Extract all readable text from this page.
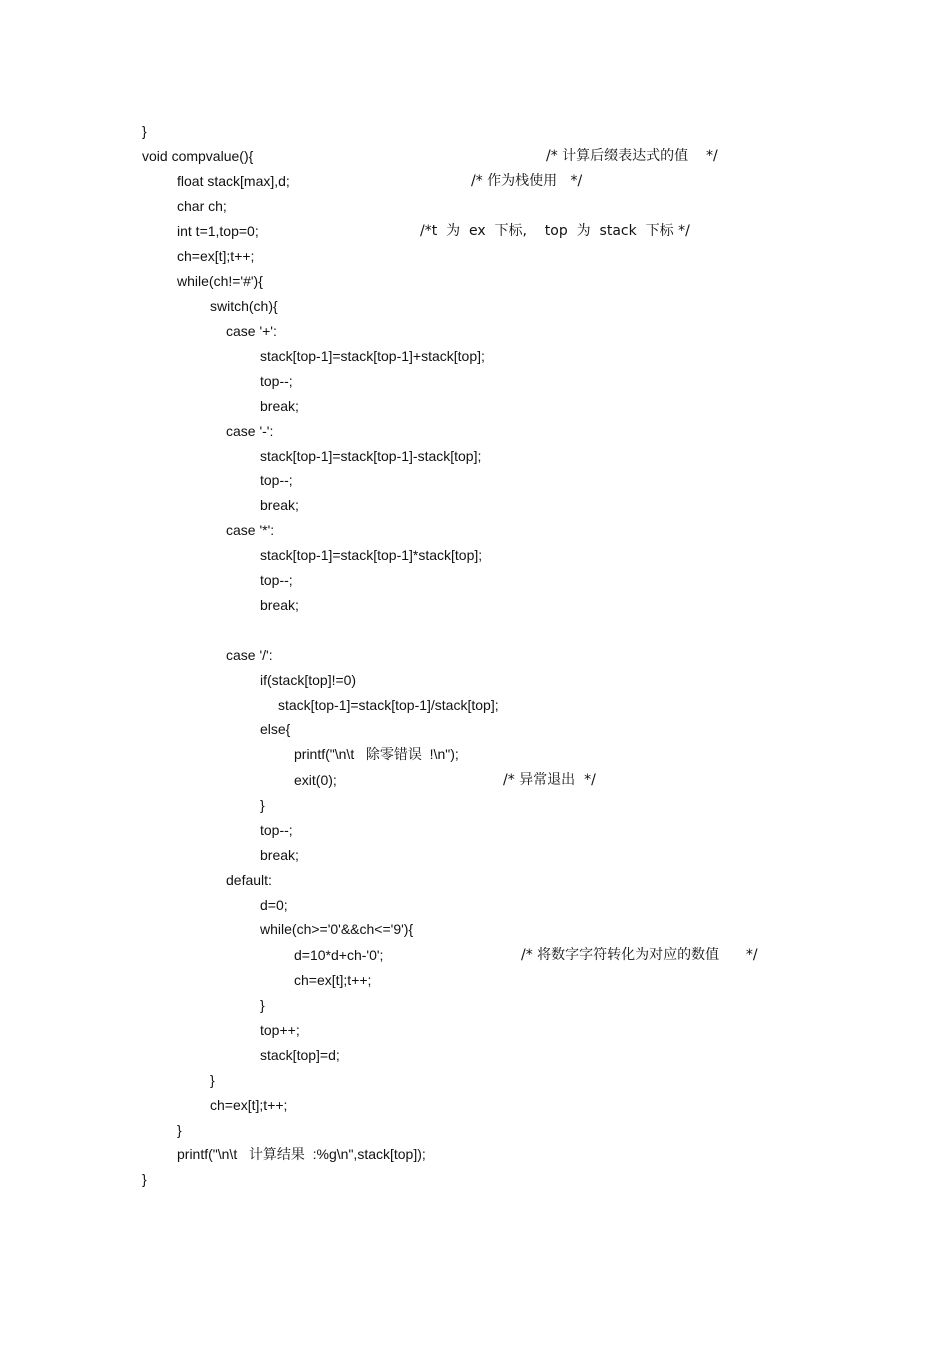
}
void compvalue(){	/* 计算后缀表达式的值    */
float stack[max],d;	/* 作为栈使用   */
char ch;
int t=1,top=0;	/*t  为  ex  下标,    top  为  stack  下标 */
ch=ex[t];t++;
while(ch!='#'){
switch(ch){
case '+':
stack[top-1]=stack[top-1]+stack[top];
top--;
break;
case '-':
stack[top-1]=stack[top-1]-stack[top];
top--;
break;
case '*':
stack[top-1]=stack[top-1]*stack[top];
top--;
break;
case '/':
if(stack[top]!=0)
stack[top-1]=stack[top-1]/stack[top];
else{
printf("\n\t   除零错误  !\n");
exit(0);	/* 异常退出  */
}
top--;
break;
default:
d=0;
while(ch>='0'&&ch<='9'){
d=10*d+ch-'0';	/* 将数字字符转化为对应的数值      */
ch=ex[t];t++;
}
top++;
stack[top]=d;
}
ch=ex[t];t++;
}
printf("\n\t   计算结果  :%g\n",stack[top]);
}
